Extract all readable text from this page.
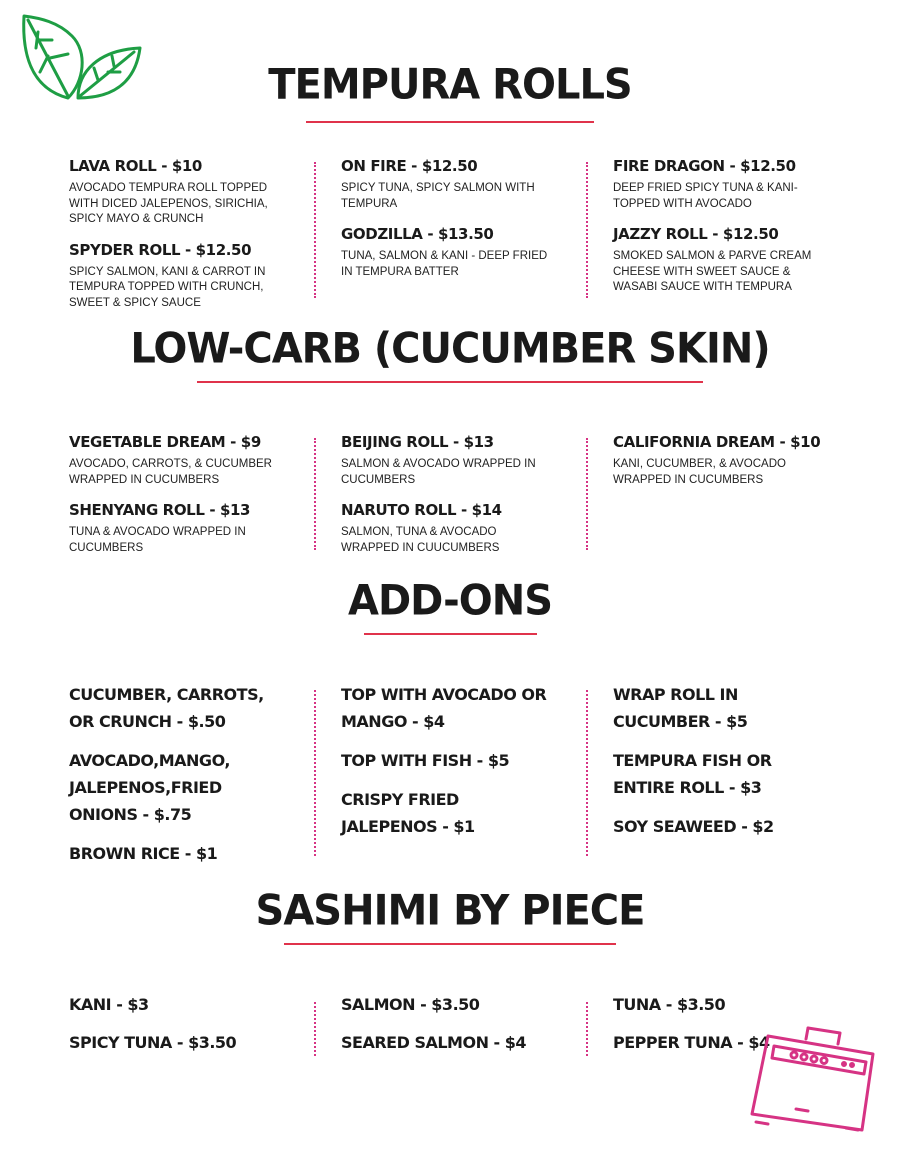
TEMPURA ROLLS
LAVA ROLL - $10

AVOCADO TEMPURA ROLL TOPPED WITH DICED JALEPENOS, SIRICHIA, SPICY MAYO & CRUNCH

SPYDER ROLL - $12.50

SPICY SALMON, KANI & CARROT IN TEMPURA TOPPED WITH CRUNCH, SWEET & SPICY SAUCE

ON FIRE - $12.50

SPICY TUNA, SPICY SALMON WITH TEMPURA

GODZILLA - $13.50

TUNA, SALMON & KANI - DEEP FRIED IN TEMPURA BATTER

FIRE DRAGON - $12.50

DEEP FRIED SPICY TUNA & KANI- TOPPED WITH AVOCADO

JAZZY ROLL - $12.50

SMOKED SALMON & PARVE CREAM CHEESE WITH SWEET SAUCE & WASABI SAUCE WITH TEMPURA

LOW-CARB (CUCUMBER SKIN)
VEGETABLE DREAM - $9

AVOCADO, CARROTS, & CUCUMBER WRAPPED IN CUCUMBERS

SHENYANG ROLL - $13

TUNA & AVOCADO WRAPPED IN CUCUMBERS

BEIJING ROLL - $13

SALMON & AVOCADO WRAPPED IN CUCUMBERS

NARUTO ROLL - $14

SALMON, TUNA & AVOCADO WRAPPED IN CUUCUMBERS

CALIFORNIA DREAM - $10

KANI, CUCUMBER, & AVOCADO WRAPPED IN CUCUMBERS

ADD-ONS
CUCUMBER, CARROTS, OR CRUNCH - $.50
AVOCADO,MANGO, JALEPENOS,FRIED ONIONS - $.75
BROWN RICE - $1
TOP WITH AVOCADO OR MANGO - $4
TOP WITH FISH - $5
CRISPY FRIED JALEPENOS - $1
WRAP ROLL IN CUCUMBER - $5
TEMPURA FISH OR ENTIRE ROLL - $3
SOY SEAWEED - $2
SASHIMI BY PIECE
KANI - $3
SPICY TUNA - $3.50
SALMON - $3.50
SEARED SALMON - $4
TUNA - $3.50
PEPPER TUNA - $4
